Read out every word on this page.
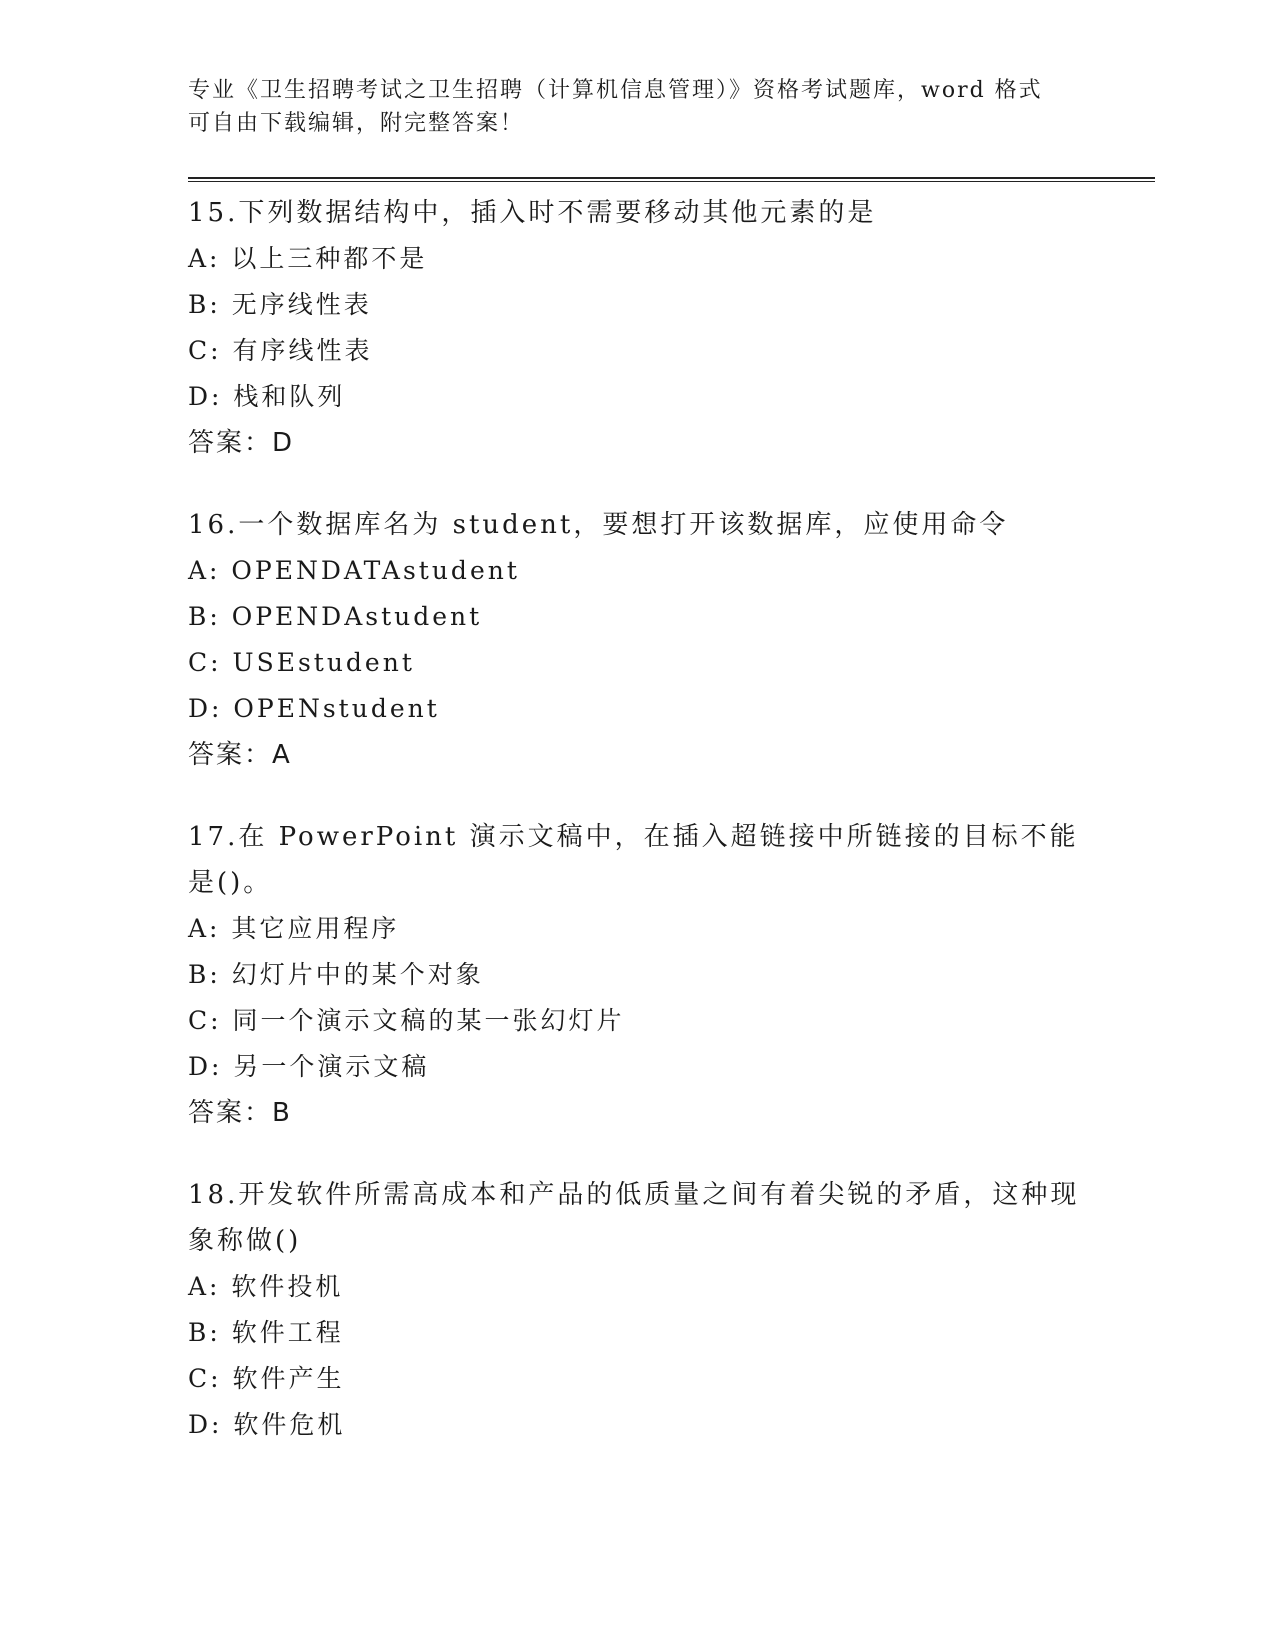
专业《卫生招聘考试之卫生招聘（计算机信息管理）》资格考试题库，word 格式
可自由下载编辑，附完整答案！
15.下列数据结构中，插入时不需要移动其他元素的是
A: 以上三种都不是
B: 无序线性表
C: 有序线性表
D: 栈和队列
答案：D
16.一个数据库名为 student，要想打开该数据库，应使用命令
A: OPENDATAstudent
B: OPENDAstudent
C: USEstudent
D: OPENstudent
答案：A
17.在 PowerPoint 演示文稿中，在插入超链接中所链接的目标不能是()。
A: 其它应用程序
B: 幻灯片中的某个对象
C: 同一个演示文稿的某一张幻灯片
D: 另一个演示文稿
答案：B
18.开发软件所需高成本和产品的低质量之间有着尖锐的矛盾，这种现象称做()
A: 软件投机
B: 软件工程
C: 软件产生
D: 软件危机
